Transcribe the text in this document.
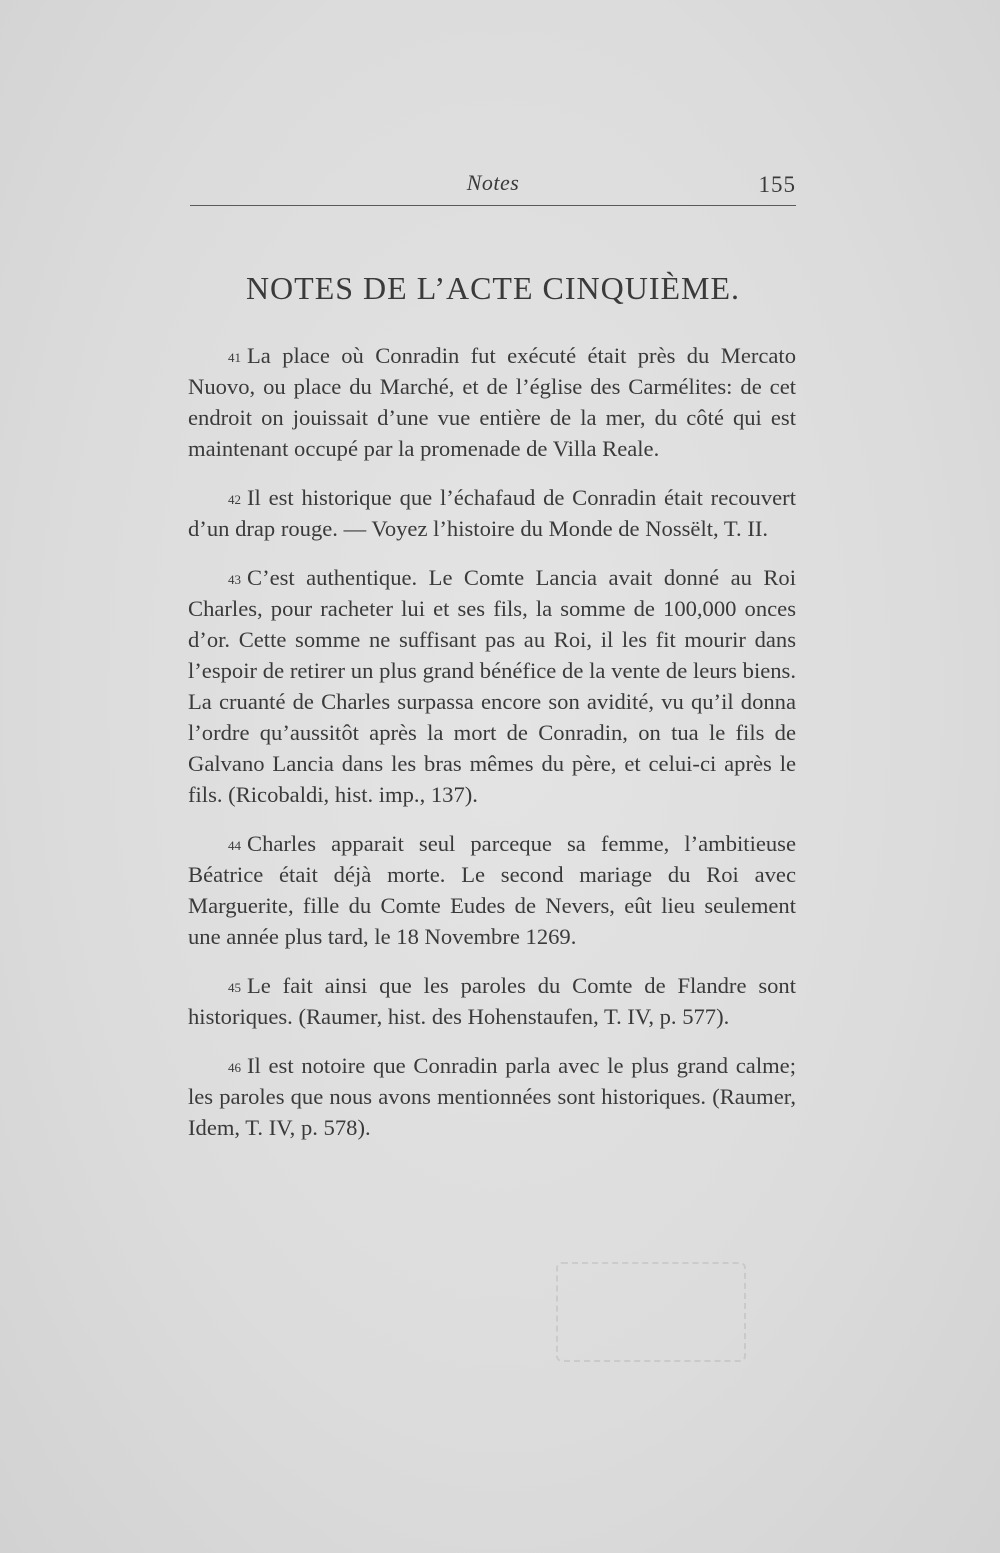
Notes	155
NOTES DE L’ACTE CINQUIÈME.

$^{41}$ La place où Conradin fut exécuté était près du Mercato Nuovo, ou place du Marché, et de l’église des Carmélites: de cet endroit on jouissait d’une vue entière de la mer, du côté qui est maintenant occupé par la promenade de Villa Reale.

$^{42}$ Il est historique que l’échafaud de Conradin était recouvert d’un drap rouge. — Voyez l’histoire du Monde de Nossëlt, T. II.

$^{43}$ C’est authentique. Le Comte Lancia avait donné au Roi Charles, pour racheter lui et ses fils, la somme de 100,000 onces d’or. Cette somme ne suffisant pas au Roi, il les fit mourir dans l’espoir de retirer un plus grand bénéfice de la vente de leurs biens. La cruanté de Charles surpassa encore son avidité, vu qu’il donna l’ordre qu’aussitôt après la mort de Conradin, on tua le fils de Galvano Lancia dans les bras mêmes du père, et celui-ci après le fils. (Ricobaldi, hist. imp., 137).

$^{44}$ Charles apparait seul parceque sa femme, l’ambitieuse Béatrice était déjà morte. Le second mariage du Roi avec Marguerite, fille du Comte Eudes de Nevers, eût lieu seulement une année plus tard, le 18 Novembre 1269.

$^{45}$ Le fait ainsi que les paroles du Comte de Flandre sont historiques. (Raumer, hist. des Hohenstaufen, T. IV, p. 577).

$^{46}$ Il est notoire que Conradin parla avec le plus grand calme; les paroles que nous avons mentionnées sont historiques. (Raumer, Idem, T. IV, p. 578).
